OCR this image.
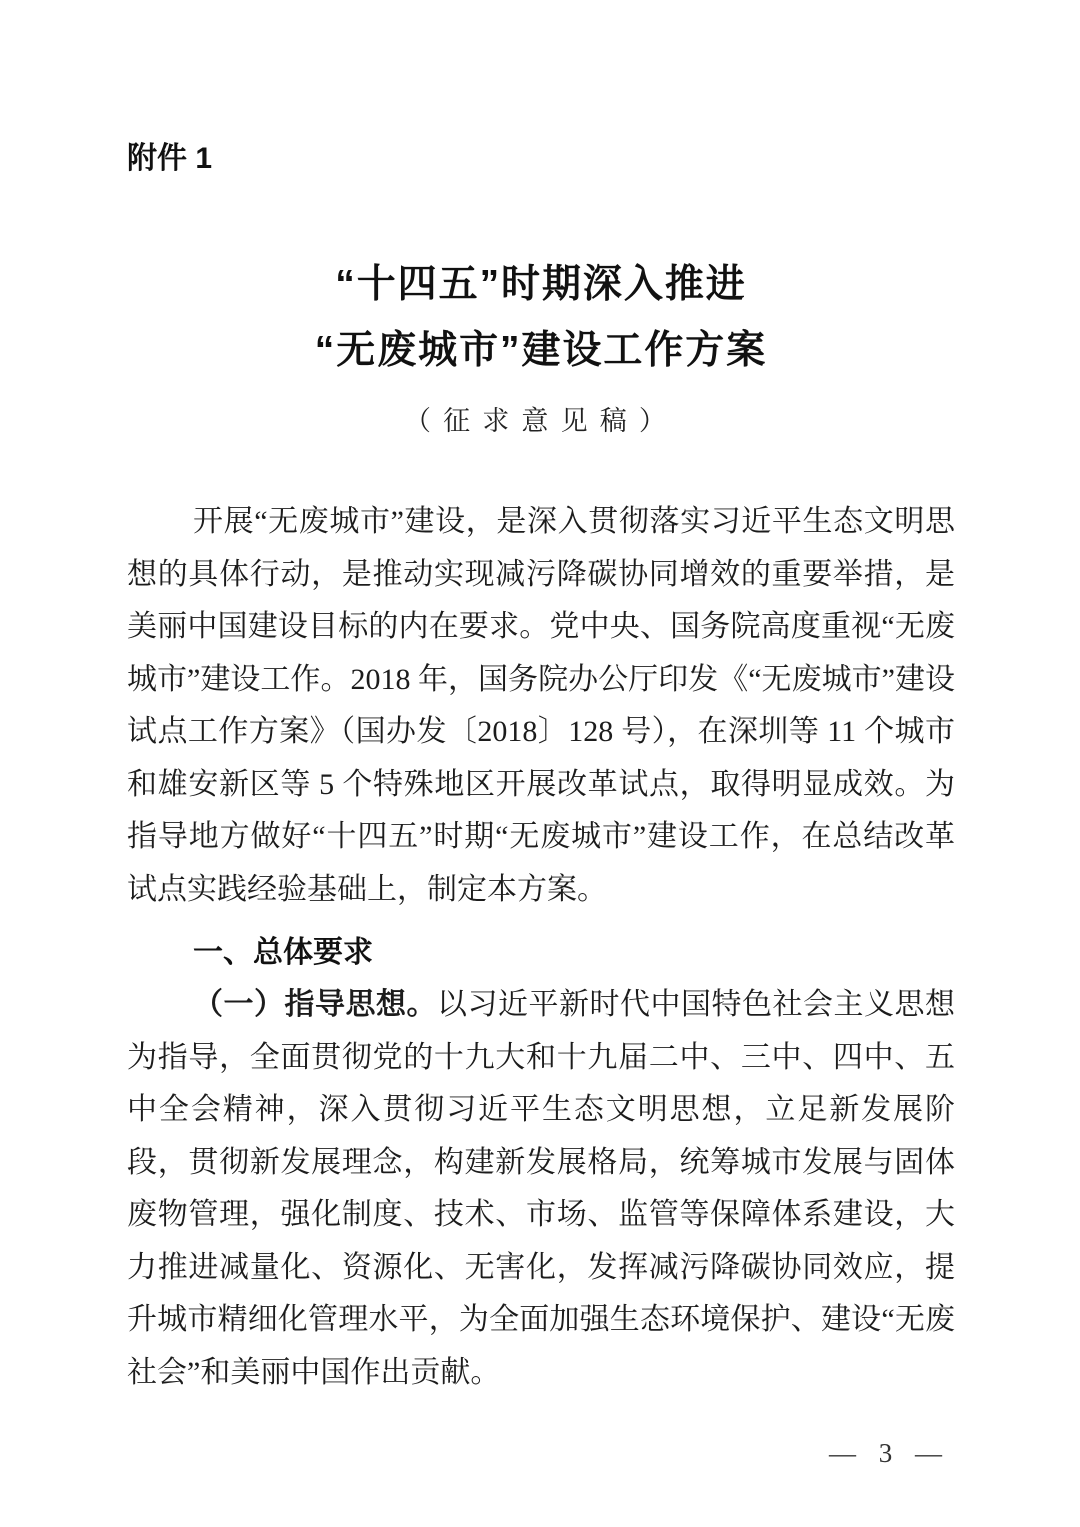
附件 1
“十四五”时期深入推进
“无废城市”建设工作方案
（征求意见稿）

开展“无废城市”建设，是深入贯彻落实习近平生态文明思想的具体行动，是推动实现减污降碳协同增效的重要举措，是美丽中国建设目标的内在要求。党中央、国务院高度重视“无废城市”建设工作。2018 年，国务院办公厅印发《“无废城市”建设试点工作方案》（国办发〔2018〕128 号），在深圳等 11 个城市和雄安新区等 5 个特殊地区开展改革试点，取得明显成效。为指导地方做好“十四五”时期“无废城市”建设工作，在总结改革试点实践经验基础上，制定本方案。

一、总体要求

（一）指导思想。以习近平新时代中国特色社会主义思想为指导，全面贯彻党的十九大和十九届二中、三中、四中、五中全会精神，深入贯彻习近平生态文明思想，立足新发展阶段，贯彻新发展理念，构建新发展格局，统筹城市发展与固体废物管理，强化制度、技术、市场、监管等保障体系建设，大力推进减量化、资源化、无害化，发挥减污降碳协同效应，提升城市精细化管理水平，为全面加强生态环境保护、建设“无废社会”和美丽中国作出贡献。

— 3 —
